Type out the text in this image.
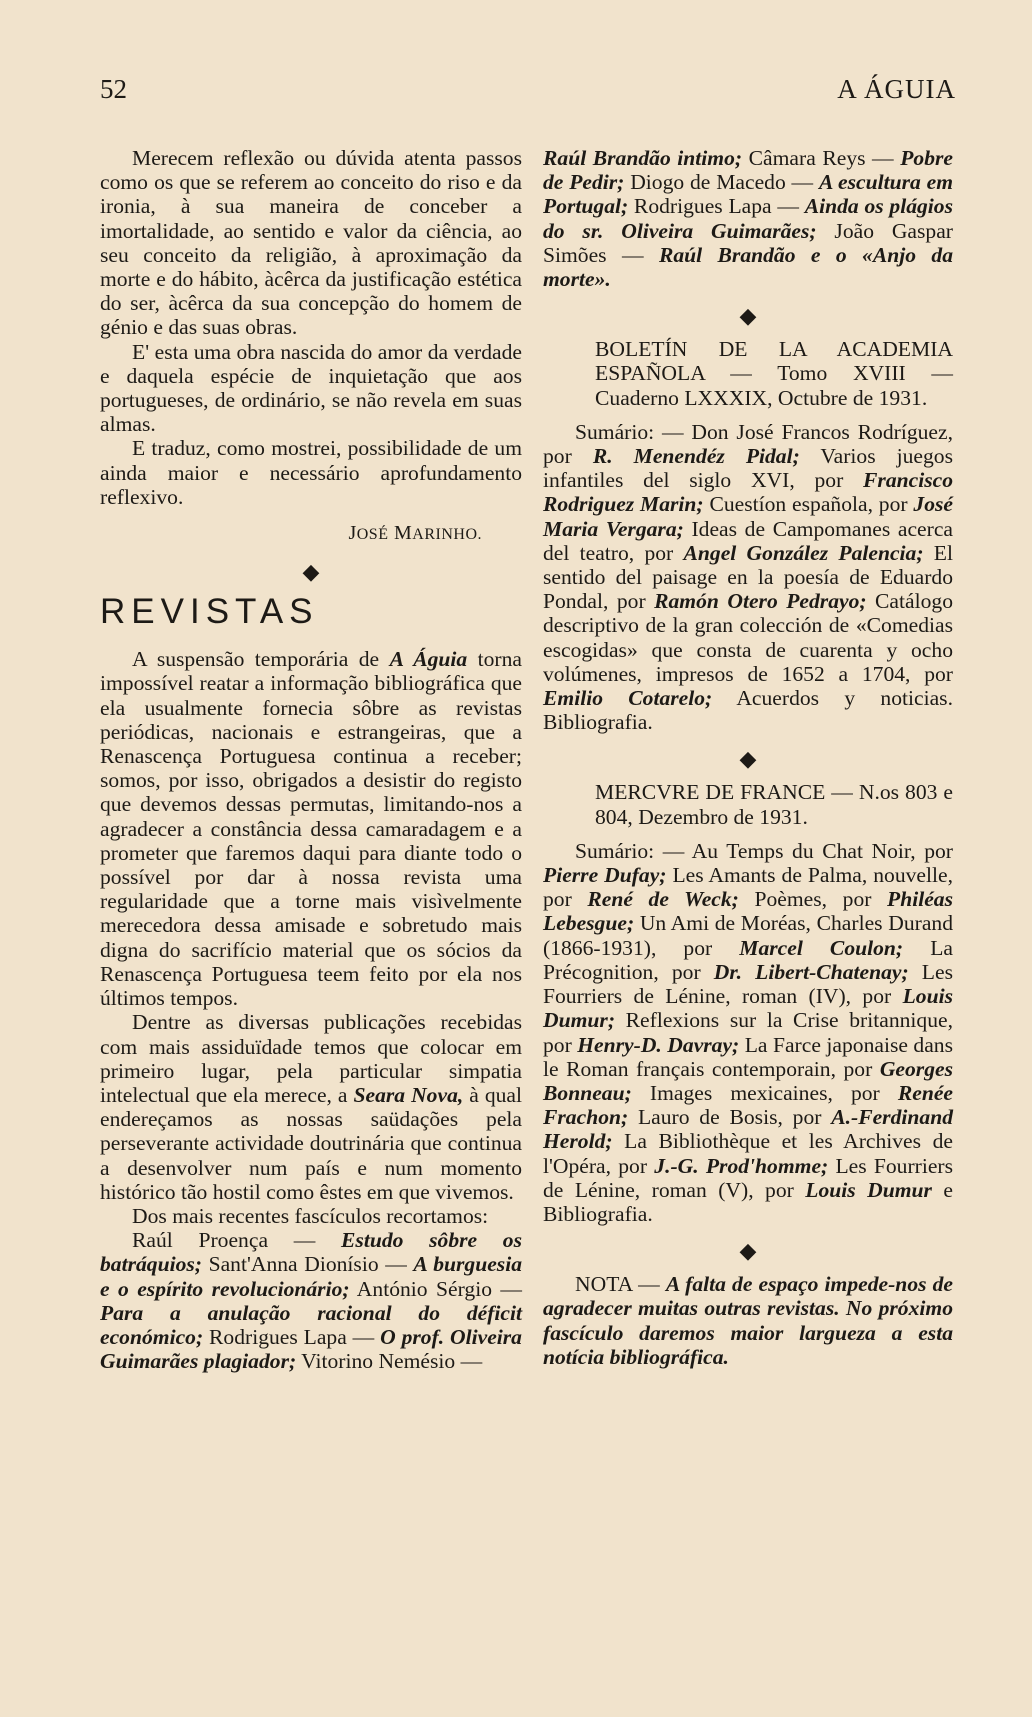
52	A ÁGUIA

Merecem reflexão ou dúvida atenta passos como os que se referem ao conceito do riso e da ironia, à sua maneira de conceber a imortalidade, ao sentido e valor da ciência, ao seu conceito da religião, à aproximação da morte e do hábito, àcêrca da justificação estética do ser, àcêrca da sua concepção do homem de génio e das suas obras.

E' esta uma obra nascida do amor da verdade e daquela espécie de inquietação que aos portugueses, de ordinário, se não revela em suas almas.

E traduz, como mostrei, possibilidade de um ainda maior e necessário aprofundamento reflexivo.

JOSÉ MARINHO.

◆
REVISTAS

A suspensão temporária de A Águia torna impossível reatar a informação bibliográfica que ela usualmente fornecia sôbre as revistas periódicas, nacionais e estrangeiras, que a Renascença Portuguesa continua a receber; somos, por isso, obrigados a desistir do registo que devemos dessas permutas, limitando-nos a agradecer a constância dessa camaradagem e a prometer que faremos daqui para diante todo o possível por dar à nossa revista uma regularidade que a torne mais visìvelmente merecedora dessa amisade e sobretudo mais digna do sacrifício material que os sócios da Renascença Portuguesa teem feito por ela nos últimos tempos.

Dentre as diversas publicações recebidas com mais assiduïdade temos que colocar em primeiro lugar, pela particular simpatia intelectual que ela merece, a Seara Nova, à qual endereçamos as nossas saüdações pela perseverante actividade doutrinária que continua a desenvolver num país e num momento histórico tão hostil como êstes em que vivemos.

Dos mais recentes fascículos recortamos:

Raúl Proença — Estudo sôbre os batráquios; Sant'Anna Dionísio — A burguesia e o espírito revolucionário; António Sérgio — Para a anulação racional do déficit económico; Rodrigues Lapa — O prof. Oliveira Guimarães plagiador; Vitorino Nemésio —

Raúl Brandão intimo; Câmara Reys — Pobre de Pedir; Diogo de Macedo — A escultura em Portugal; Rodrigues Lapa — Ainda os plágios do sr. Oliveira Guimarães; João Gaspar Simões — Raúl Brandão e o «Anjo da morte».

◆

BOLETÍN DE LA ACADEMIA ESPAÑOLA — Tomo XVIII — Cuaderno LXXXIX, Octubre de 1931.

Sumário: — Don José Francos Rodríguez, por R. Menendéz Pidal; Varios juegos infantiles del siglo XVI, por Francisco Rodriguez Marin; Cuestíon española, por José Maria Vergara; Ideas de Campomanes acerca del teatro, por Angel González Palencia; El sentido del paisage en la poesía de Eduardo Pondal, por Ramón Otero Pedrayo; Catálogo descriptivo de la gran colección de «Comedias escogidas» que consta de cuarenta y ocho volúmenes, impresos de 1652 a 1704, por Emilio Cotarelo; Acuerdos y noticias. Bibliografia.

◆

MERCVRE DE FRANCE — N.os 803 e 804, Dezembro de 1931.

Sumário: — Au Temps du Chat Noir, por Pierre Dufay; Les Amants de Palma, nouvelle, por René de Weck; Poèmes, por Philéas Lebesgue; Un Ami de Moréas, Charles Durand (1866-1931), por Marcel Coulon; La Précognition, por Dr. Libert-Chatenay; Les Fourriers de Lénine, roman (IV), por Louis Dumur; Reflexions sur la Crise britannique, por Henry-D. Davray; La Farce japonaise dans le Roman français contemporain, por Georges Bonneau; Images mexicaines, por Renée Frachon; Lauro de Bosis, por A.-Ferdinand Herold; La Bibliothèque et les Archives de l'Opéra, por J.-G. Prod'homme; Les Fourriers de Lénine, roman (V), por Louis Dumur e Bibliografia.

◆

NOTA — A falta de espaço impede-nos de agradecer muitas outras revistas. No próximo fascículo daremos maior largueza a esta notícia bibliográfica.
